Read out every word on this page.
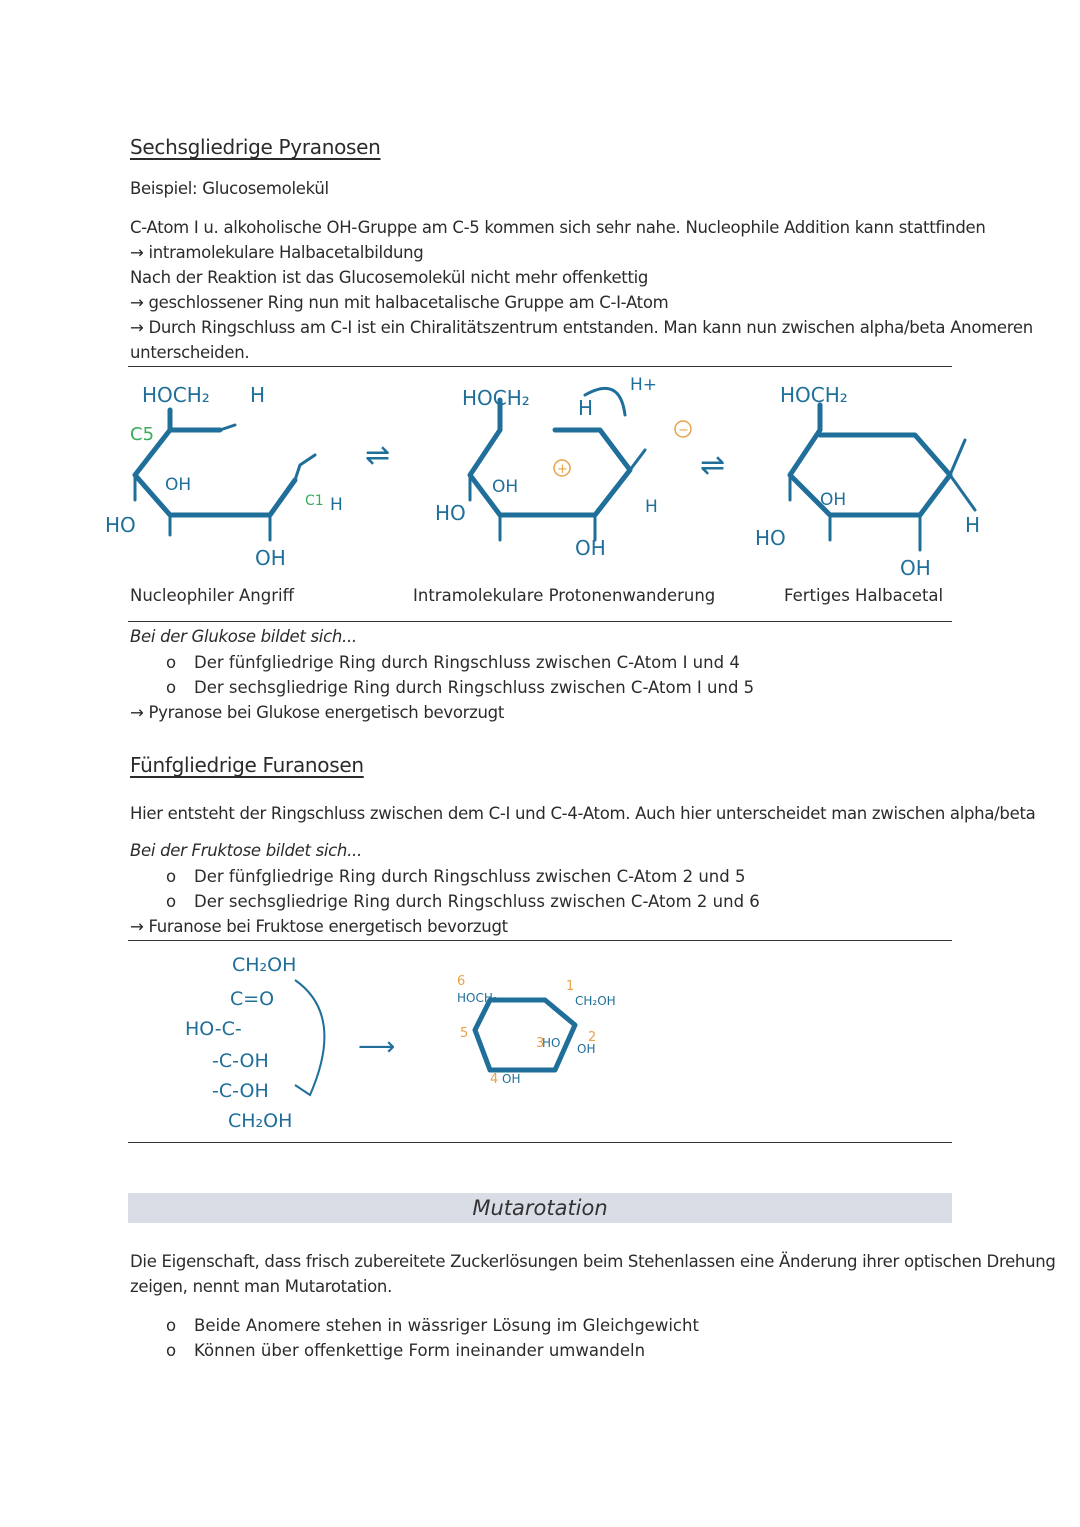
Sechsgliedrige Pyranosen
Beispiel: Glucosemolekül
C-Atom I u. alkoholische OH-Gruppe am C-5 kommen sich sehr nahe. Nucleophile Addition kann stattfinden
→ intramolekulare Halbacetalbildung
Nach der Reaktion ist das Glucosemolekül nicht mehr offenkettig
→ geschlossener Ring nun mit halbacetalische Gruppe am C-I-Atom
→ Durch Ringschluss am C-I ist ein Chiralitätszentrum entstanden. Man kann nun zwischen alpha/beta Anomeren
unterscheiden.
HOCH₂ H
OH
HO
OH
H
⇌
HOCH₂ H
H+
OH
HO
OH
H
⇌
HOCH₂
OH
HO
OH
H
C5
C1
+
−
Nucleophiler Angriff	Intramolekulare Protonenwanderung	Fertiges Halbacetal
Bei der Glukose bildet sich...
o Der fünfgliedrige Ring durch Ringschluss zwischen C-Atom I und 4
o Der sechsgliedrige Ring durch Ringschluss zwischen C-Atom I und 5
→ Pyranose bei Glukose energetisch bevorzugt
Fünfgliedrige Furanosen
Hier entsteht der Ringschluss zwischen dem C-I und C-4-Atom. Auch hier unterscheidet man zwischen alpha/beta
Bei der Fruktose bildet sich...
o Der fünfgliedrige Ring durch Ringschluss zwischen C-Atom 2 und 5
o Der sechsgliedrige Ring durch Ringschluss zwischen C-Atom 2 und 6
→ Furanose bei Fruktose energetisch bevorzugt
CH₂OH
C=O
HO-C-
-C-OH
-C-OH
CH₂OH
⟶
HOCH₂	CH₂OH
HO OH
OH
6
5
1
3	2
4
Mutarotation
Die Eigenschaft, dass frisch zubereitete Zuckerlösungen beim Stehenlassen eine Änderung ihrer optischen Drehung
zeigen, nennt man Mutarotation.
o Beide Anomere stehen in wässriger Lösung im Gleichgewicht
o Können über offenkettige Form ineinander umwandeln
